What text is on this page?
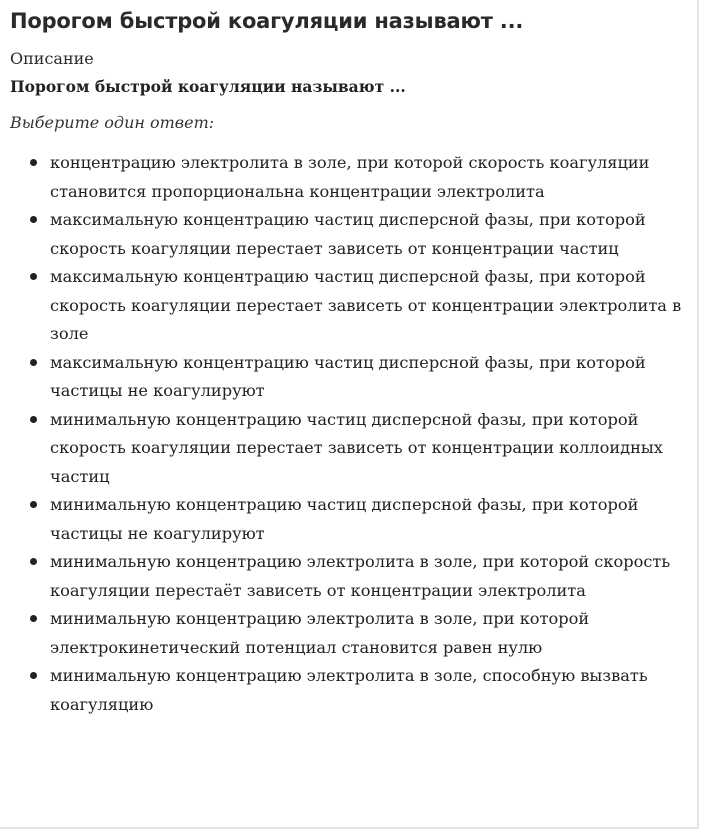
Порогом быстрой коагуляции называют ...
Описание
Порогом быстрой коагуляции называют ...
Выберите один ответ:
концентрацию электролита в золе, при которой скорость коагуляции становится пропорциональна концентрации электролита
максимальную концентрацию частиц дисперсной фазы, при которой скорость коагуляции перестает зависеть от концентрации частиц
максимальную концентрацию частиц дисперсной фазы, при которой скорость коагуляции перестает зависеть от концентрации электролита в золе
максимальную концентрацию частиц дисперсной фазы, при которой частицы не коагулируют
минимальную концентрацию частиц дисперсной фазы, при которой скорость коагуляции перестает зависеть от концентрации коллоидных частиц
минимальную концентрацию частиц дисперсной фазы, при которой частицы не коагулируют
минимальную концентрацию электролита в золе, при которой скорость коагуляции перестаёт зависеть от концентрации электролита
минимальную концентрацию электролита в золе, при которой электрокинетический потенциал становится равен нулю
минимальную концентрацию электролита в золе, способную вызвать коагуляцию
